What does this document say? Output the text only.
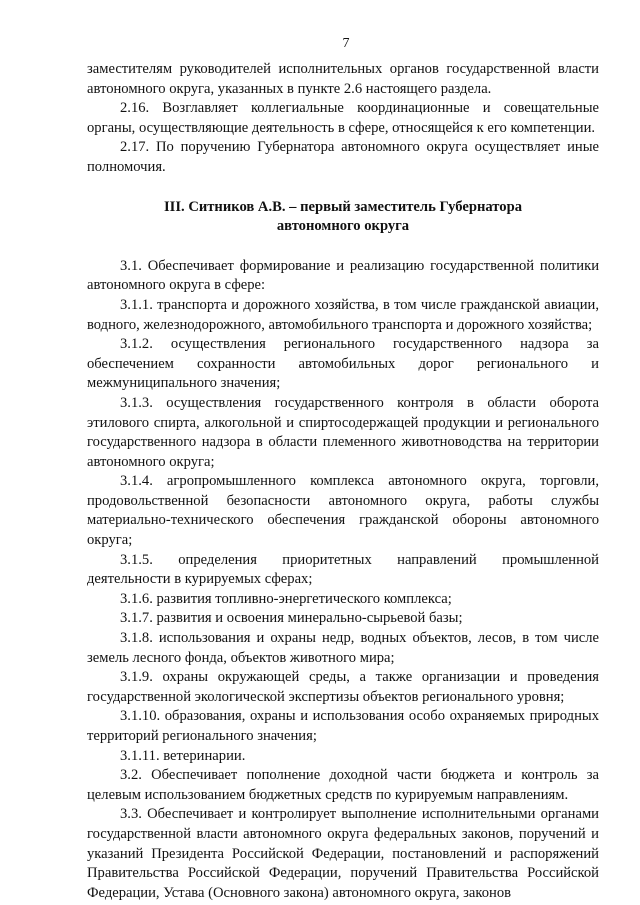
7

заместителям руководителей исполнительных органов государственной власти автономного округа, указанных в пункте 2.6 настоящего раздела.

2.16. Возглавляет коллегиальные координационные и совещательные органы, осуществляющие деятельность в сфере, относящейся к его компетенции.

2.17. По поручению Губернатора автономного округа осуществляет иные полномочия.

III. Ситников А.В. – первый заместитель Губернатора
автономного округа

3.1. Обеспечивает формирование и реализацию государственной политики автономного округа в сфере:

3.1.1. транспорта и дорожного хозяйства, в том числе гражданской авиации, водного, железнодорожного, автомобильного транспорта и дорожного хозяйства;

3.1.2. осуществления регионального государственного надзора за обеспечением сохранности автомобильных дорог регионального и межмуниципального значения;

3.1.3. осуществления государственного контроля в области оборота этилового спирта, алкогольной и спиртосодержащей продукции и регионального государственного надзора в области племенного животноводства на территории автономного округа;

3.1.4. агропромышленного комплекса автономного округа, торговли, продовольственной безопасности автономного округа, работы службы материально-технического обеспечения гражданской обороны автономного округа;

3.1.5. определения приоритетных направлений промышленной деятельности в курируемых сферах;

3.1.6. развития топливно-энергетического комплекса;

3.1.7. развития и освоения минерально-сырьевой базы;

3.1.8. использования и охраны недр, водных объектов, лесов, в том числе земель лесного фонда, объектов животного мира;

3.1.9. охраны окружающей среды, а также организации и проведения государственной экологической экспертизы объектов регионального уровня;

3.1.10. образования, охраны и использования особо охраняемых природных территорий регионального значения;

3.1.11. ветеринарии.

3.2. Обеспечивает пополнение доходной части бюджета и контроль за целевым использованием бюджетных средств по курируемым направлениям.

3.3. Обеспечивает и контролирует выполнение исполнительными органами государственной власти автономного округа федеральных законов, поручений и указаний Президента Российской Федерации, постановлений и распоряжений Правительства Российской Федерации, поручений Правительства Российской Федерации, Устава (Основного закона) автономного округа, законов
